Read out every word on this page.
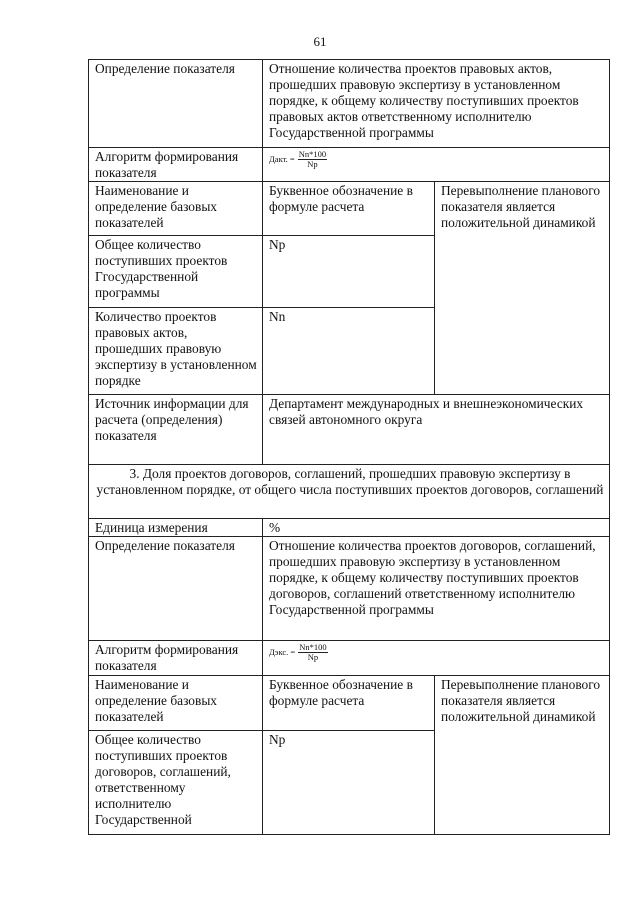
61
Определение показателя	Отношение количества проектов правовых актов, прошедших правовую экспертизу в установленном порядке, к общему количеству поступивших проектов правовых актов ответственному исполнителю Государственной программы	
Алгоритм формирования показателя	Дакт. = $\frac{Nn*100}{Np}$

Наименование и определение базовых показателей	Буквенное обозначение в формуле расчета	Перевыполнение планового показателя является положительной динамикой
Общее количество поступивших проектов Ггосударственной программы	Np	
Количество проектов правовых актов, прошедших правовую экспертизу в установленном порядке	Nn	
Источник информации для расчета (определения) показателя	Департамент международных и внешнеэкономических связей автономного округа	
3. Доля проектов договоров, соглашений, прошедших правовую экспертизу в установленном порядке, от общего числа поступивших проектов договоров, соглашений		
Единица измерения	%	
Определение показателя	Отношение количества проектов договоров, соглашений, прошедших правовую экспертизу в установленном порядке, к общему количеству поступивших проектов договоров, соглашений ответственному исполнителю Государственной программы	
Алгоритм формирования показателя	Дэкс. = $\frac{Nn*100}{Np}$

Наименование и определение базовых показателей	Буквенное обозначение в формуле расчета	Перевыполнение планового показателя является положительной динамикой
Общее количество поступивших проектов договоров, соглашений, ответственному исполнителю Государственной	Np	
